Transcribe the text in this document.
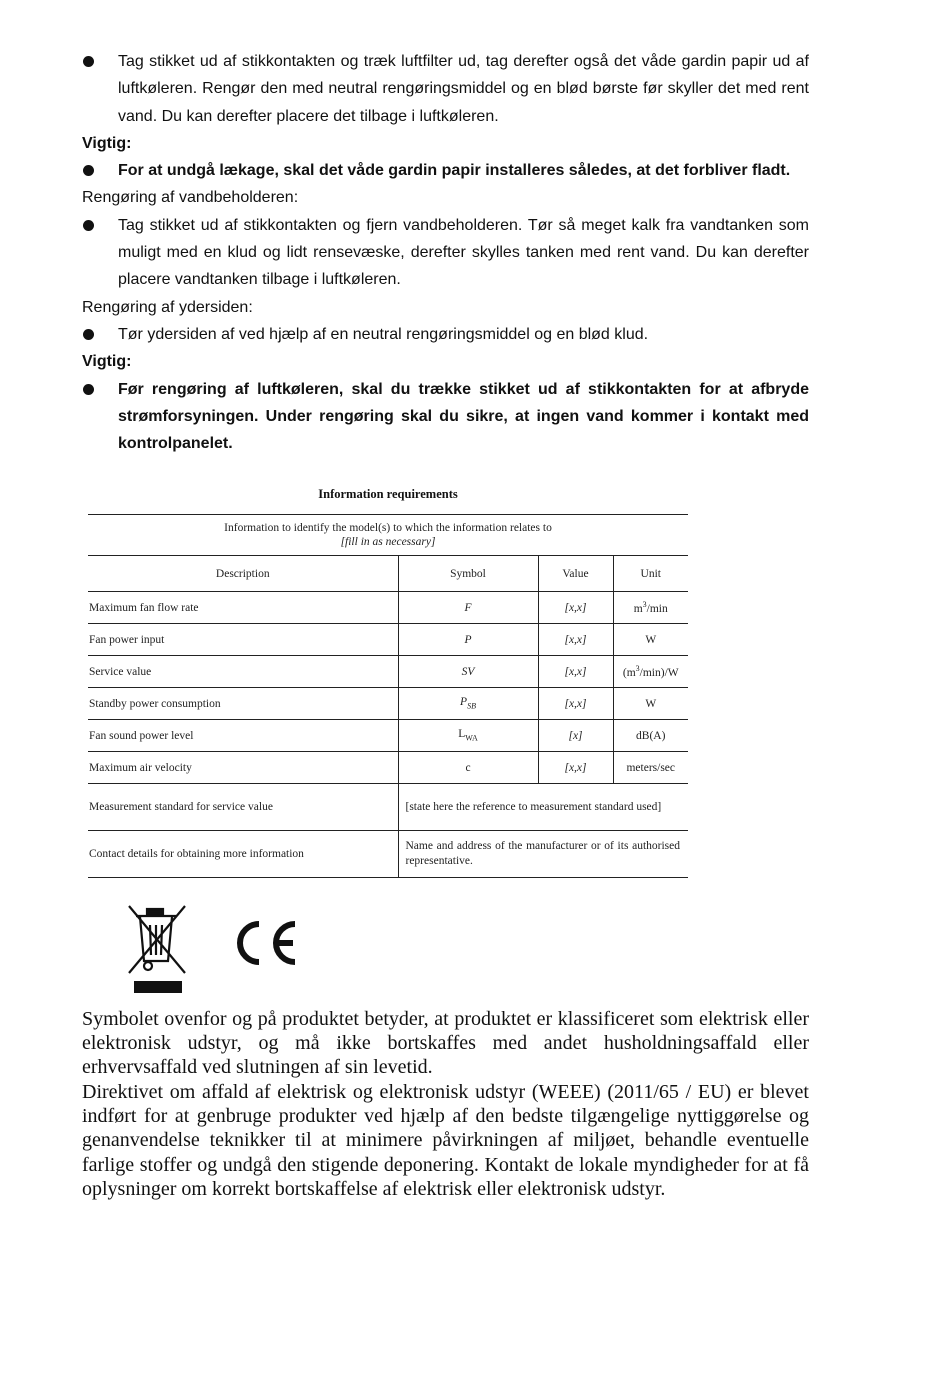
Tag stikket ud af stikkontakten og træk luftfilter ud, tag derefter også det våde gardin papir ud af luftkøleren. Rengør den med neutral rengøringsmiddel og en blød børste før skyller det med rent vand. Du kan derefter placere det tilbage i luftkøleren.

Vigtig:

For at undgå lækage, skal det våde gardin papir installeres således, at det forbliver fladt.

Rengøring af vandbeholderen:

Tag stikket ud af stikkontakten og fjern vandbeholderen. Tør så meget kalk fra vandtanken som muligt med en klud og lidt rensevæske, derefter skylles tanken med rent vand. Du kan derefter placere vandtanken tilbage i luftkøleren.

Rengøring af ydersiden:

Tør ydersiden af ved hjælp af en neutral rengøringsmiddel og en blød klud.

Vigtig:

Før rengøring af luftkøleren, skal du trække stikket ud af stikkontakten for at afbryde strømforsyningen. Under rengøring skal du sikre, at ingen vand kommer i kontakt med kontrolpanelet.
Information requirements
Information to identify the model(s) to which the information relates to
[fill in as necessary]			
Description	Symbol	Value	Unit
Maximum fan flow rate	F	[x,x]	$m^3/\min$
Fan power input	P	[x,x]	W
Service value	SV	[x,x]	$(m^3/\min)/W$
Standby power consumption	$P_{SB}$	[x,x]	W
Fan sound power level	$L_{WA}$	[x]	dB(A)
Maximum air velocity	c	[x,x]	meters/sec
Measurement standard for service value	[state here the reference to measurement standard used]		
Contact details for obtaining more information	Name and address of the manufacturer or of its authorised representative.		

Symbolet ovenfor og på produktet betyder, at produktet er klassificeret som elektrisk eller elektronisk udstyr, og må ikke bortskaffes med andet husholdningsaffald eller erhvervsaffald ved slutningen af sin levetid.

Direktivet om affald af elektrisk og elektronisk udstyr (WEEE) (2011/65 / EU) er blevet indført for at genbruge produkter ved hjælp af den bedste tilgængelige nyttiggørelse og genanvendelse teknikker til at minimere påvirkningen af miljøet, behandle eventuelle farlige stoffer og undgå den stigende deponering. Kontakt de lokale myndigheder for at få oplysninger om korrekt bortskaffelse af elektrisk eller elektronisk udstyr.
